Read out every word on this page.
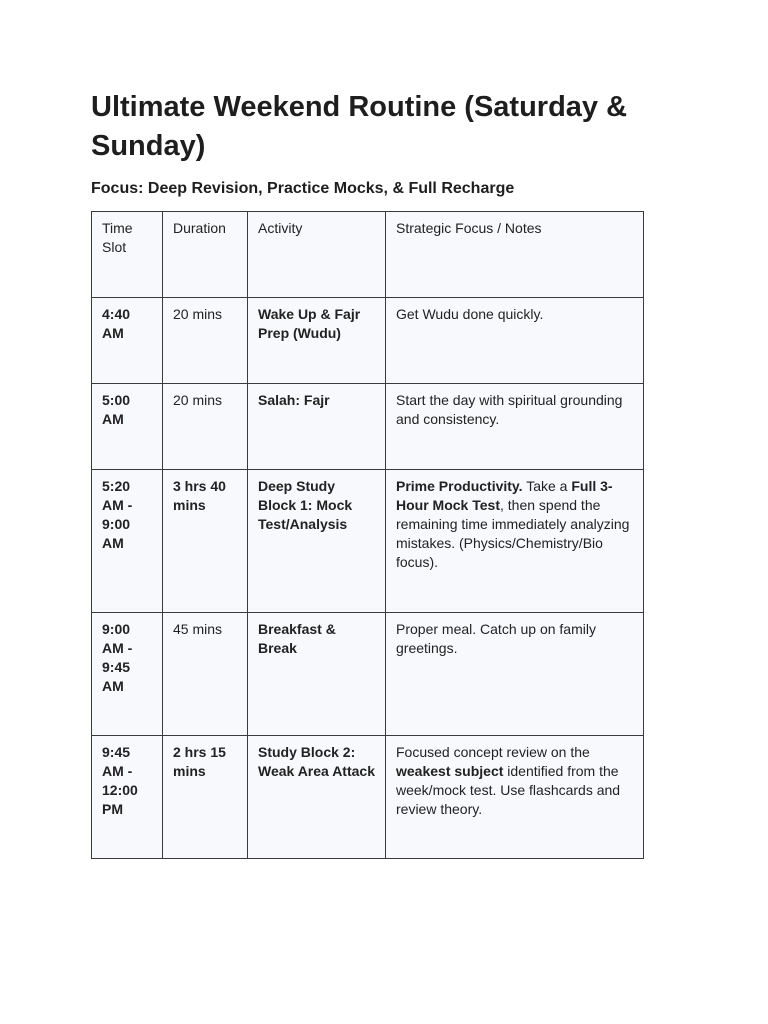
Ultimate Weekend Routine (Saturday & Sunday)
Focus: Deep Revision, Practice Mocks, & Full Recharge
Time Slot	Duration	Activity	Strategic Focus / Notes
4:40 AM	20 mins	Wake Up & Fajr Prep (Wudu)	Get Wudu done quickly.
5:00 AM	20 mins	Salah: Fajr	Start the day with spiritual grounding and consistency.
5:20 AM - 9:00 AM	3 hrs 40 mins	Deep Study Block 1: Mock Test/Analysis	Prime Productivity. Take a Full 3-Hour Mock Test, then spend the remaining time immediately analyzing mistakes. (Physics/Chemistry/Bio focus).
9:00 AM - 9:45 AM	45 mins	Breakfast & Break	Proper meal. Catch up on family greetings.
9:45 AM - 12:00 PM	2 hrs 15 mins	Study Block 2: Weak Area Attack	Focused concept review on the weakest subject identified from the week/mock test. Use flashcards and review theory.
